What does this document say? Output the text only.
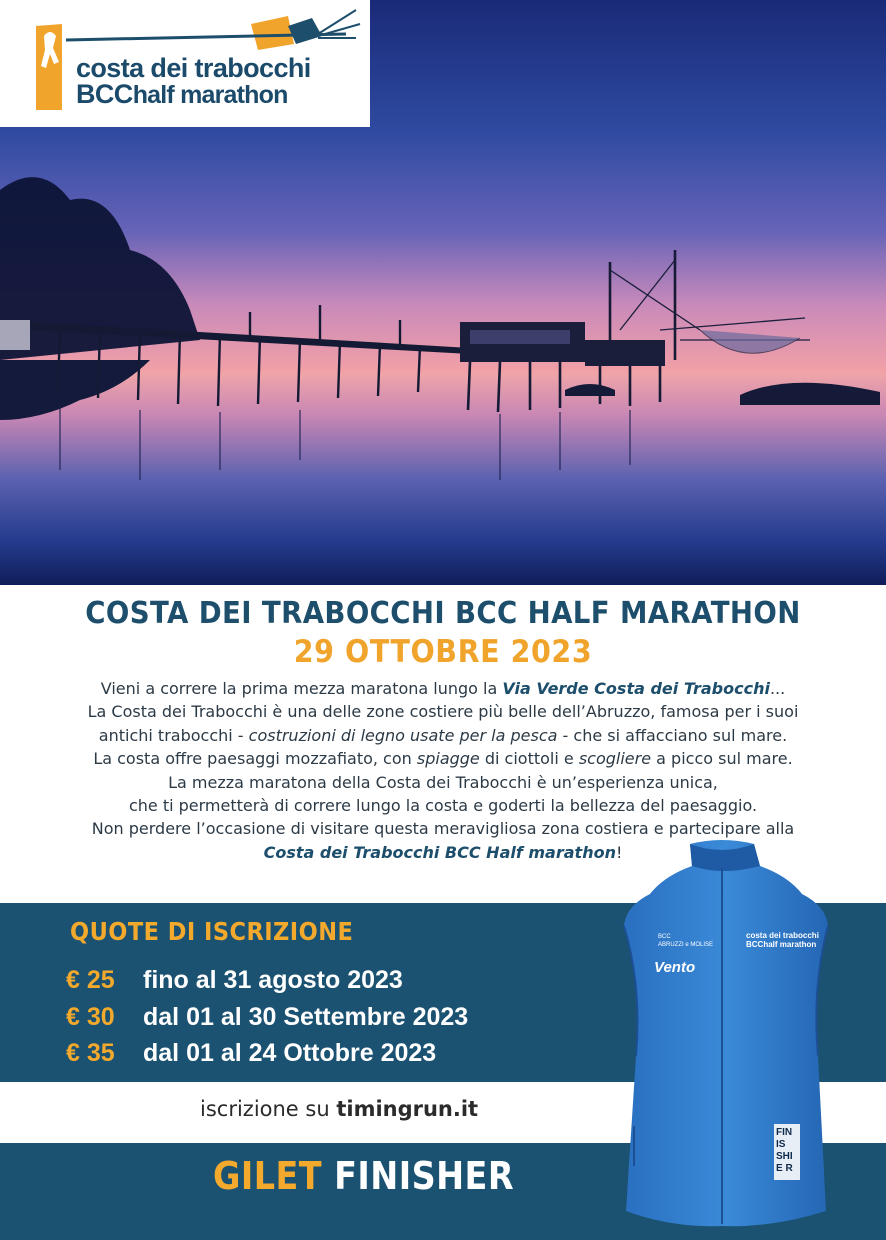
costa dei trabocchi
BCChalf marathon
COSTA DEI TRABOCCHI BCC HALF MARATHON
29 OTTOBRE 2023
Vieni a correre la prima mezza maratona lungo la Via Verde Costa dei Trabocchi...
La Costa dei Trabocchi è una delle zone costiere più belle dell’Abruzzo, famosa per i suoi
antichi trabocchi - costruzioni di legno usate per la pesca - che si affacciano sul mare.
La costa offre paesaggi mozzafiato, con spiagge di ciottoli e scogliere a picco sul mare.
La mezza maratona della Costa dei Trabocchi è un’esperienza unica,
che ti permetterà di correre lungo la costa e goderti la bellezza del paesaggio.
Non perdere l’occasione di visitare questa meravigliosa zona costiera e partecipare alla
Costa dei Trabocchi BCC Half marathon!
QUOTE DI ISCRIZIONE
€ 25	fino al 31 agosto 2023
€ 30	dal 01 al 30 Settembre 2023
€ 35	dal 01 al 24 Ottobre 2023
iscrizione su timingrun.it
GILET FINISHER
BCC
ABRUZZI e MOLISE
costa dei trabocchi
BCChalf marathon
Vento
FIN
IS
SHI
E R
